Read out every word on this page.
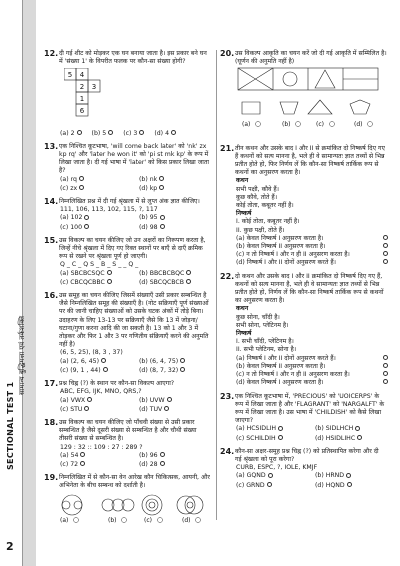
SECTIONAL TEST 1
सामान्य बुद्धिमत्ता एवं तर्कशक्ति
2
12.दी गई शीट को मोड़कर एक घन बनाया जाता है। इस प्रकार बने घन में 'संख्या 1' के विपरीत फलक पर कौन-सा संख्या होगी?
5 4
2 3
1
6
(a) 2	(b) 5	(c) 3	(d) 4
13.एक निश्चित कूटभाषा, 'will come back later' को 'nk' zx kp rq' और 'later he won it' को 'pi st mk kp' के रूप में लिखा जाता है। दी गई भाषा में 'later' को किस प्रकार लिखा जाता है?
(a) rq	(b) nk
(c) zx	(d) kp
14.निम्नलिखित प्रश्न में दी गई श्रृंखला में से लुप्त अंक ज्ञात कीजिए।
111, 106, 113, 102, 115, ?, 117
(a) 102	(b) 95
(c) 100	(d) 98
15.उस विकल्प का चयन कीजिए जो उन अक्षरों का निरूपण करता है, जिन्हें नीचे श्रृंखला में दिए गए रिक्त स्थानों पर बाएँ से दाएँ क्रमिक रूप से रखने पर श्रृंखला पूर्ण हो जाएगी।
Q _ C _ Q S _ B _ S _ _ Q _
(a) SBCBCSQC	(b) BBCBCBQC
(c) CBCQCBBC	(d) SBCQCBCB
16.उस समूह का चयन कीजिए जिसमें संख्याएँ उसी प्रकार सम्बन्धित है जैसे निम्नलिखित समूह की संख्याएँ है। (नोट सक्रियाएँ पूर्ण संख्याओं पर की जानी चाहिए संख्याओं को उसके घटक अंकों में तोड़े बिना। उदाहरण के लिए 13-13 पर सक्रियाएँ जैसे कि 13 में जोड़ना/घटाना/गुणा करना आदि की जा सकती है। 13 को 1 और 3 में तोड़कर और फिर 1 और 3 पर गणितीय संक्रियाएँ करने की अनुमति नहीं है)
(6, 5, 25), (8, 3 , 37)
(a) (2, 6, 45)	(b) (6, 4, 75)
(c) (9, 1 , 44)	(d) (8, 7, 32)
17.प्रश्न चिह्न (?) के स्थान पर कौन-सा विकल्प आएगा?
ABC, EFG, IJK, MNO, QRS,?
(a) VWX	(b) UVW
(c) STU	(d) TUV
18.उस विकल्प का चयन कीजिए जो पाँचवी संख्या से उसी प्रकार सम्बन्धित है जैसे दूसरी संख्या से सम्बन्धित है और चौथी संख्या तीसरी संख्या से सम्बन्धित है।
129 : 32 :: 109 : 27 : 289 ?
(a) 54	(b) 96
(c) 72	(d) 28
19.निम्नलिखित में से कौन-सा वेन आरेख कौन चिकित्सक, आयनी, और अभिनेता के बीच सम्बन्ध को दर्शाती है।
(a)	(b)	(c)	(d)
20.उस विकल्प आकृति का चयन करें जो दी गई आकृति में सम्मिलित है। (घूर्णन की अनुमति नहीं है)
(a)	(b)	(c)	(d)
21.तीन कथन और उसके बाद I और II से क्रमांकित दो निष्कर्ष दिए गए हैं कथनों को सत्य मानना है, भले ही वे सामान्यतः ज्ञात तथ्यों से भिन्न प्रतीत होते हो, फिर निर्णय लें कि कौन-सा निष्कर्ष तार्किक रूप से कथनों का अनुसरण करता है।
कथन
सभी पक्षी, कौवे हैं।
कुछ कौवे, तोते हैं।
कोई तोता, कबूतर नहीं है।
निष्कर्ष
I. कोई तोता, कबूतर नहीं है।
II. कुछ पक्षी, तोते हैं।
(a) केवल निष्कर्ष I अनुसरण करता है।
(b) केवल निष्कर्ष II अनुसरण करता है।
(c) न तो निष्कर्ष I और न ही II अनुसरण करता है।
(d) निष्कर्ष I और II दोनों अनुसरण करते हैं।
22.दो कथन और उसके बाद I और II क्रमांकित दो निष्कर्ष दिए गए हैं, कथनों को सत्य मानना है, भले ही वे सामान्यतः ज्ञात तथ्यों से भिन्न प्रतीत होते हो, निर्णय लें कि कौन-सा निष्कर्ष तार्किक रूप से कथनों का अनुसरण करता है।
कथन
कुछ सोना, चाँदी है।
सभी सोना, प्लेटिनम है।
निष्कर्ष
I. सभी चाँदी, प्लेटिनम है।
II. सभी प्लेटिनम, सोना है।
(a) निष्कर्ष I और II दोनों अनुसरण करते हैं।
(b) केवल निष्कर्ष II अनुसरण करता है।
(c) न तो निष्कर्ष I और न ही II अनुसरण करता है।
(d) केवल निष्कर्ष I अनुसरण करता है।
23.एक निश्चित कूटभाषा में, 'PRECIOUS' को 'UOICERPS' के रूप में लिखा जाता है और 'FLAGRANT' को 'NARGALFT' के रूप में लिखा जाता है। उस भाषा में 'CHILDISH' को कैसे लिखा जाएगा?
(a) HCSIDLIH	(b) SIDLHCH
(c) SCHILDIH	(d) HSIDLIHC
24.कौन-सा अक्षर-समूह प्रश्न चिह्न (?) को प्रतिस्थापित करेगा और दी गई श्रृंखला को पूरा करेगा?
CURB, ESPC, ?, IOLE, KMJF
(a) GQND	(b) HRND
(c) GRND	(d) HQND
